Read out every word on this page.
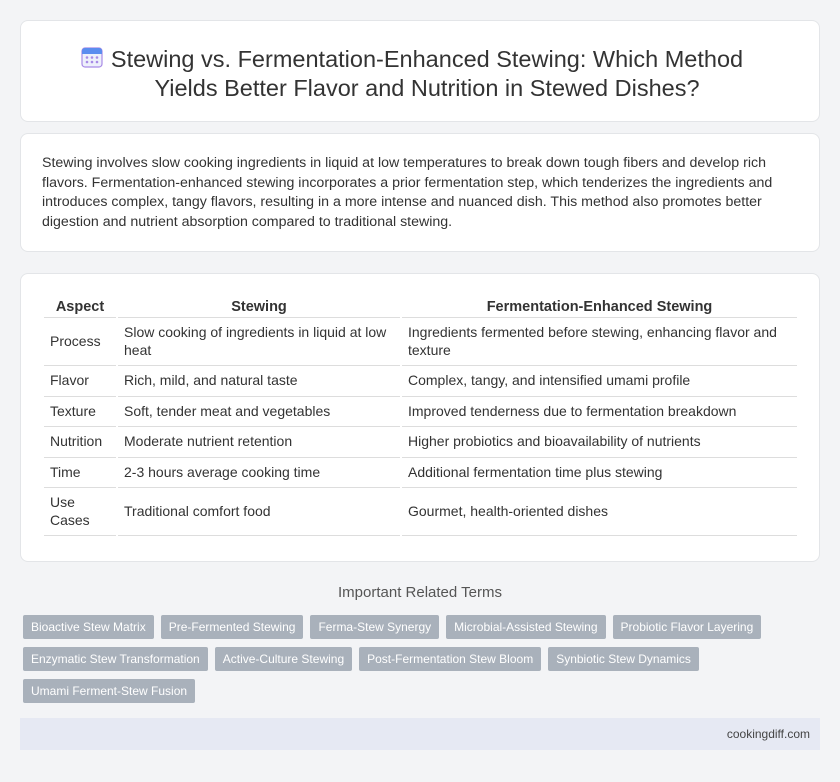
Stewing vs. Fermentation-Enhanced Stewing: Which Method Yields Better Flavor and Nutrition in Stewed Dishes?

Stewing involves slow cooking ingredients in liquid at low temperatures to break down tough fibers and develop rich flavors. Fermentation-enhanced stewing incorporates a prior fermentation step, which tenderizes the ingredients and introduces complex, tangy flavors, resulting in a more intense and nuanced dish. This method also promotes better digestion and nutrient absorption compared to traditional stewing.

Aspect	Stewing	Fermentation-Enhanced Stewing
Process	Slow cooking of ingredients in liquid at low heat	Ingredients fermented before stewing, enhancing flavor and texture
Flavor	Rich, mild, and natural taste	Complex, tangy, and intensified umami profile
Texture	Soft, tender meat and vegetables	Improved tenderness due to fermentation breakdown
Nutrition	Moderate nutrient retention	Higher probiotics and bioavailability of nutrients
Time	2-3 hours average cooking time	Additional fermentation time plus stewing
Use Cases	Traditional comfort food	Gourmet, health-oriented dishes
Important Related Terms
Bioactive Stew Matrix	Pre-Fermented Stewing	Ferma-Stew Synergy	Microbial-Assisted Stewing	Probiotic Flavor Layering
Enzymatic Stew Transformation	Active-Culture Stewing	Post-Fermentation Stew Bloom	Synbiotic Stew Dynamics
Umami Ferment-Stew Fusion
cookingdiff.com
